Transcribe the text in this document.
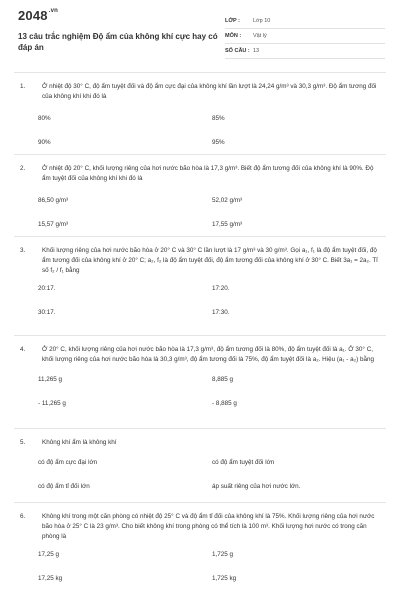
$2048^{.vn}$
13 câu trắc nghiệm Độ ẩm của không khí cực hay có đáp án
LỚP :	Lớp 10
MÔN :	Vật lý
SỐ CÂU : 13
1.	Ở nhiệt độ 30° C, độ ẩm tuyệt đối và độ ẩm cực đại của không khí lần lượt là 24,24 g/m³ và 30,3 g/m³. Độ ẩm tương đối của không khí khi đó là
80%	85%
90%	95%
2.	Ở nhiệt độ 20° C, khối lượng riêng của hơi nước bão hòa là 17,3 g/m³. Biết độ ẩm tương đối của không khí là 90%. Độ ẩm tuyệt đối của không khí khi đó là
86,50 g/m³	52,02 g/m³
15,57 g/m³	17,55 g/m³
3.	Khối lượng riêng của hơi nước bão hòa ở 20° C và 30° C lần lượt là 17 g/m³ và 30 g/m³. Gọi a₁, f₁ là độ ẩm tuyệt đối, độ ẩm tương đối của không khí ở 20° C; a₂, f₂ là độ ẩm tuyệt đối, độ ẩm tương đối của không khí ở 30° C. Biết 3a₁ = 2a₂. Tỉ số f₂ / f₁ bằng
20:17.	17:20.
30:17.	17:30.
4.	Ở 20° C, khối lượng riêng của hơi nước bão hòa là 17,3 g/m³, độ ẩm tương đối là 80%, độ ẩm tuyệt đối là a₁. Ở 30° C, khối lượng riêng của hơi nước bão hòa là 30,3 g/m³, độ ẩm tương đối là 75%, độ ẩm tuyệt đối là a₂. Hiệu (a₁ - a₂) bằng
11,265 g	8,885 g
- 11,265 g	- 8,885 g
5.	Không khí ẩm là không khí
có độ ẩm cực đại lớn	có độ ẩm tuyệt đối lớn
có độ ẩm tỉ đối lớn	áp suất riêng của hơi nước lớn.
6.	Không khí trong một căn phòng có nhiệt độ 25° C và độ ẩm tỉ đối của không khí là 75%. Khối lượng riêng của hơi nước bão hòa ở 25° C là 23 g/m³. Cho biết không khí trong phòng có thể tích là 100 m³. Khối lượng hơi nước có trong căn phòng là
17,25 g	1,725 g
17,25 kg	1,725 kg
